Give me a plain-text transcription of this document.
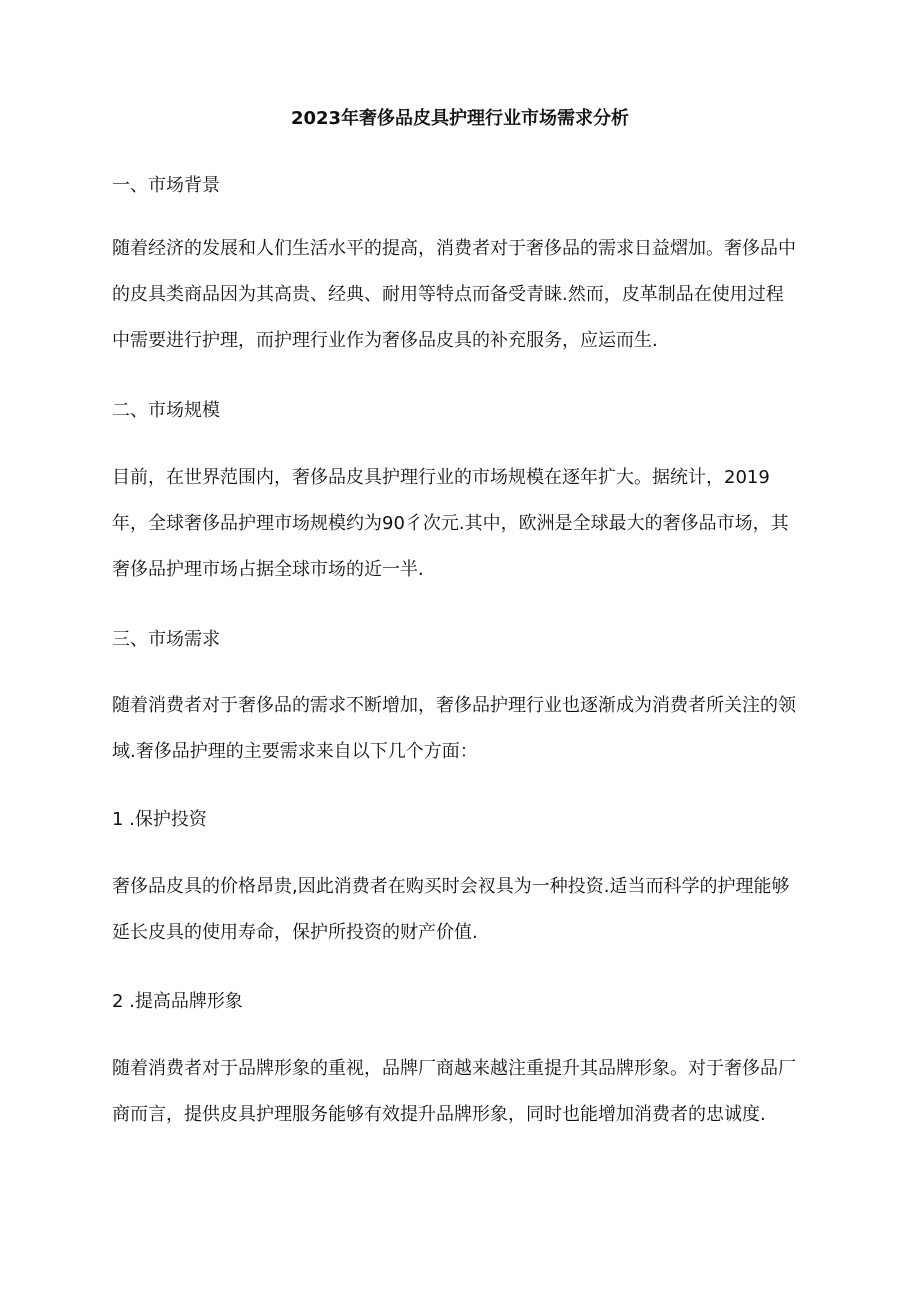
2023年奢侈品皮具护理行业市场需求分析
一、市场背景

随着经济的发展和人们生活水平的提高，消费者对于奢侈品的需求日益熠加。奢侈品中
的皮具类商品因为其高贵、经典、耐用等特点而备受青睐.然而，皮革制品在使用过程
中需要进行护理，而护理行业作为奢侈品皮具的补充服务，应运而生.

二、市场规模

目前，在世界范围内，奢侈品皮具护理行业的市场规模在逐年扩大。据统计，2019
年，全球奢侈品护理市场规模约为90彳次元.其中，欧洲是全球最大的奢侈品市场，其
奢侈品护理市场占据全球市场的近一半.

三、市场需求

随着消费者对于奢侈品的需求不断增加，奢侈品护理行业也逐渐成为消费者所关注的领
域.奢侈品护理的主要需求来自以下几个方面：

1 .保护投资

奢侈品皮具的价格昂贵,因此消费者在购买时会衩具为一种投资.适当而科学的护理能够
延长皮具的使用寿命，保护所投资的财产价值.

2 .提高品牌形象

随着消费者对于品牌形象的重视，品牌厂商越来越注重提升其品牌形象。对于奢侈品厂
商而言，提供皮具护理服务能够有效提升品牌形象，同时也能增加消费者的忠诚度.
